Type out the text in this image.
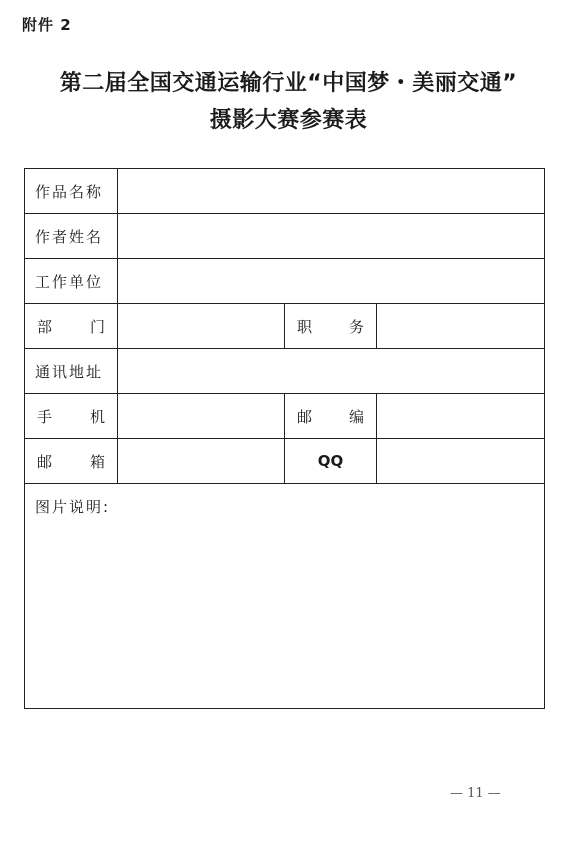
附件 2
第二届全国交通运输行业“中国梦・美丽交通”
摄影大赛参赛表
作品名称			
作者姓名			
工作单位			

部 门		职 务	

通讯地址			

手 机		邮 编	

邮 箱		QQ	
图片说明:			
— 11 —
